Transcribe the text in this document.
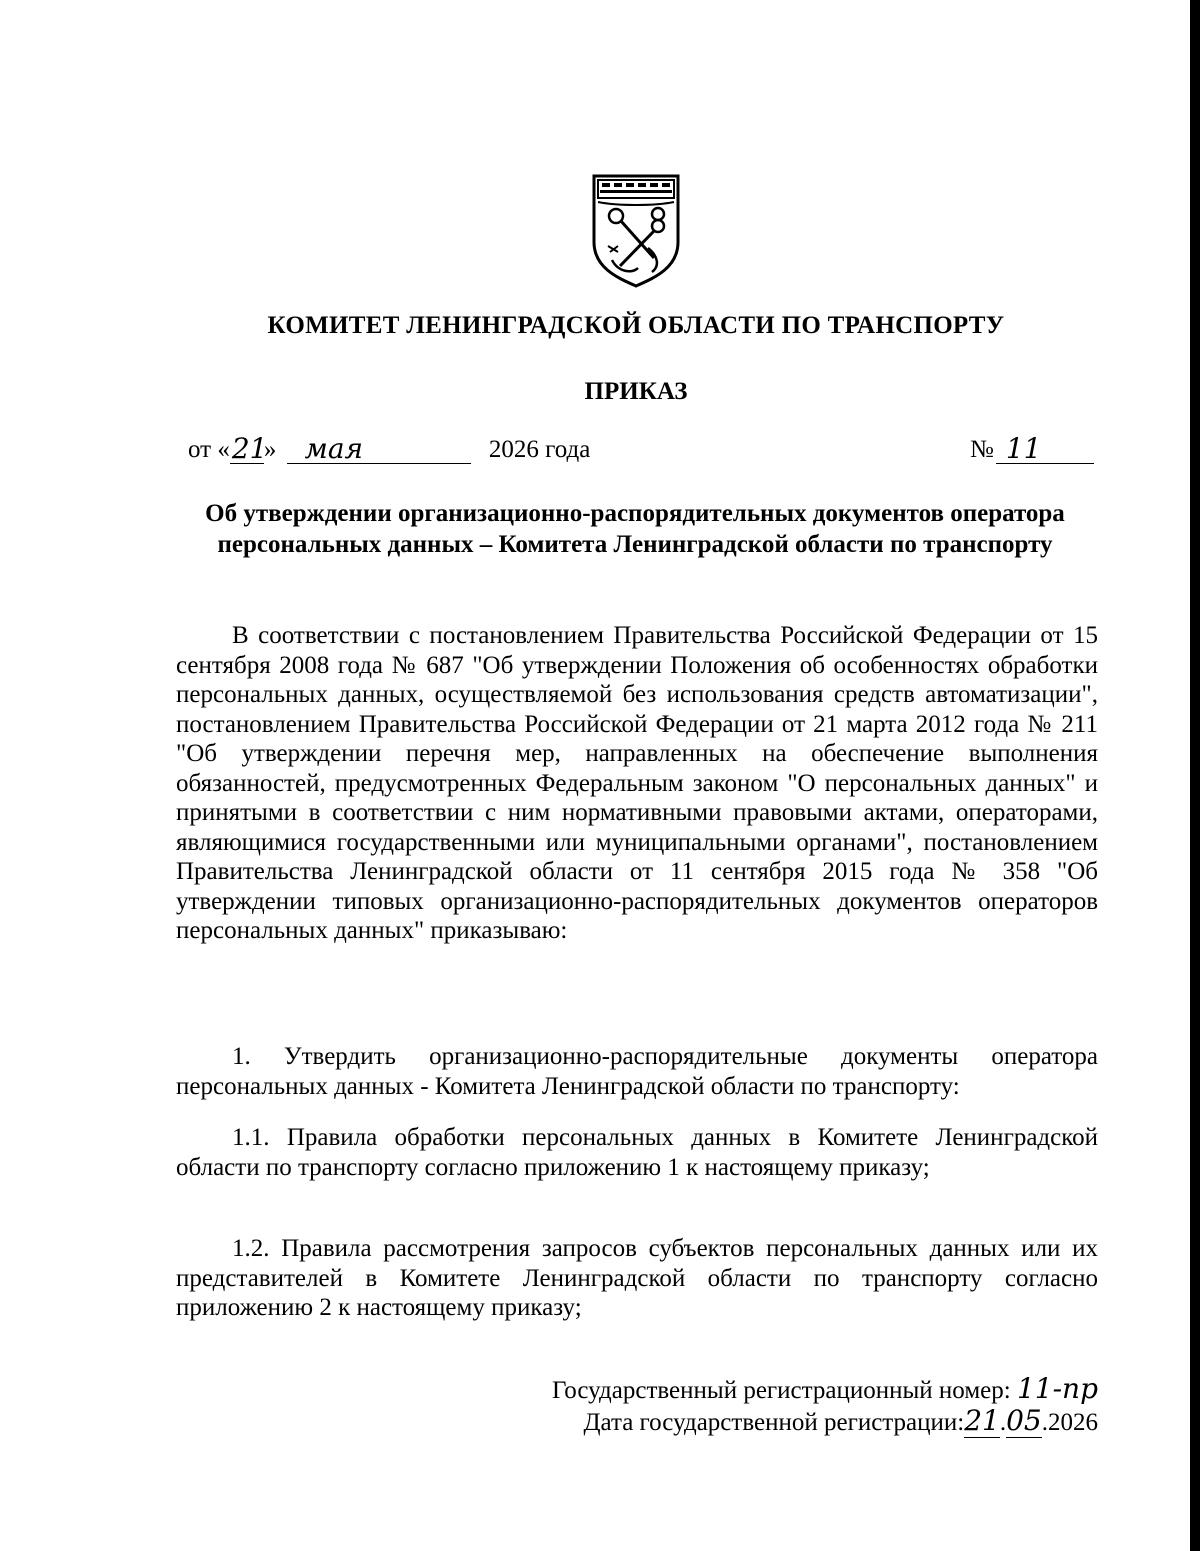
КОМИТЕТ ЛЕНИНГРАДСКОЙ ОБЛАСТИ ПО ТРАНСПОРТУ
ПРИКАЗ
от « 21
» мая	2026 года	№ 11
Об утверждении организационно-распорядительных документов оператора персональных данных – Комитета Ленинградской области по транспорту

В соответствии с постановлением Правительства Российской Федерации от 15 сентября 2008 года № 687 "Об утверждении Положения об особенностях обработки персональных данных, осуществляемой без использования средств автоматизации", постановлением Правительства Российской Федерации от 21 марта 2012 года № 211 "Об утверждении перечня мер, направленных на обеспечение выполнения обязанностей, предусмотренных Федеральным законом "О персональных данных" и принятыми в соответствии с ним нормативными правовыми актами, операторами, являющимися государственными или муниципальными органами", постановлением Правительства Ленинградской области от 11 сентября 2015 года № 358 "Об утверждении типовых организационно-распорядительных документов операторов персональных данных" приказываю:

1. Утвердить организационно-распорядительные документы оператора персональных данных - Комитета Ленинградской области по транспорту:

1.1. Правила обработки персональных данных в Комитете Ленинградской области по транспорту согласно приложению 1 к настоящему приказу;

1.2. Правила рассмотрения запросов субъектов персональных данных или их представителей в Комитете Ленинградской области по транспорту согласно приложению 2 к настоящему приказу;

Государственный регистрационный номер: 11-пр
Дата государственной регистрации:21.05.2026
